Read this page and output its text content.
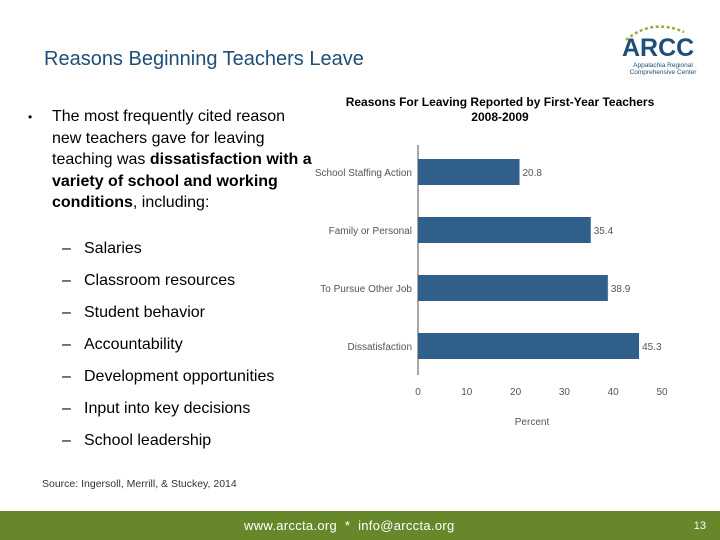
Reasons Beginning Teachers Leave	ARCC
Appalachia Regional
Comprehensive Center
• The most frequently cited reason new teachers gave for leaving teaching was dissatisfaction with a variety of school and working conditions, including:
Source: Ingersoll, Merrill, & Stuckey, 2014
Reasons For Leaving Reported by First-Year Teachers
2008-2009
School Staffing Action	20.8
Family or Personal	35.4
To Pursue Other Job	38.9
Dissatisfaction	45.3
0	10	20	30	40	50
Percent
www.arccta.org  *  info@arccta.org	13
– Salaries
– Classroom resources
– Student behavior
– Accountability
– Development opportunities
– Input into key decisions
– School leadership
